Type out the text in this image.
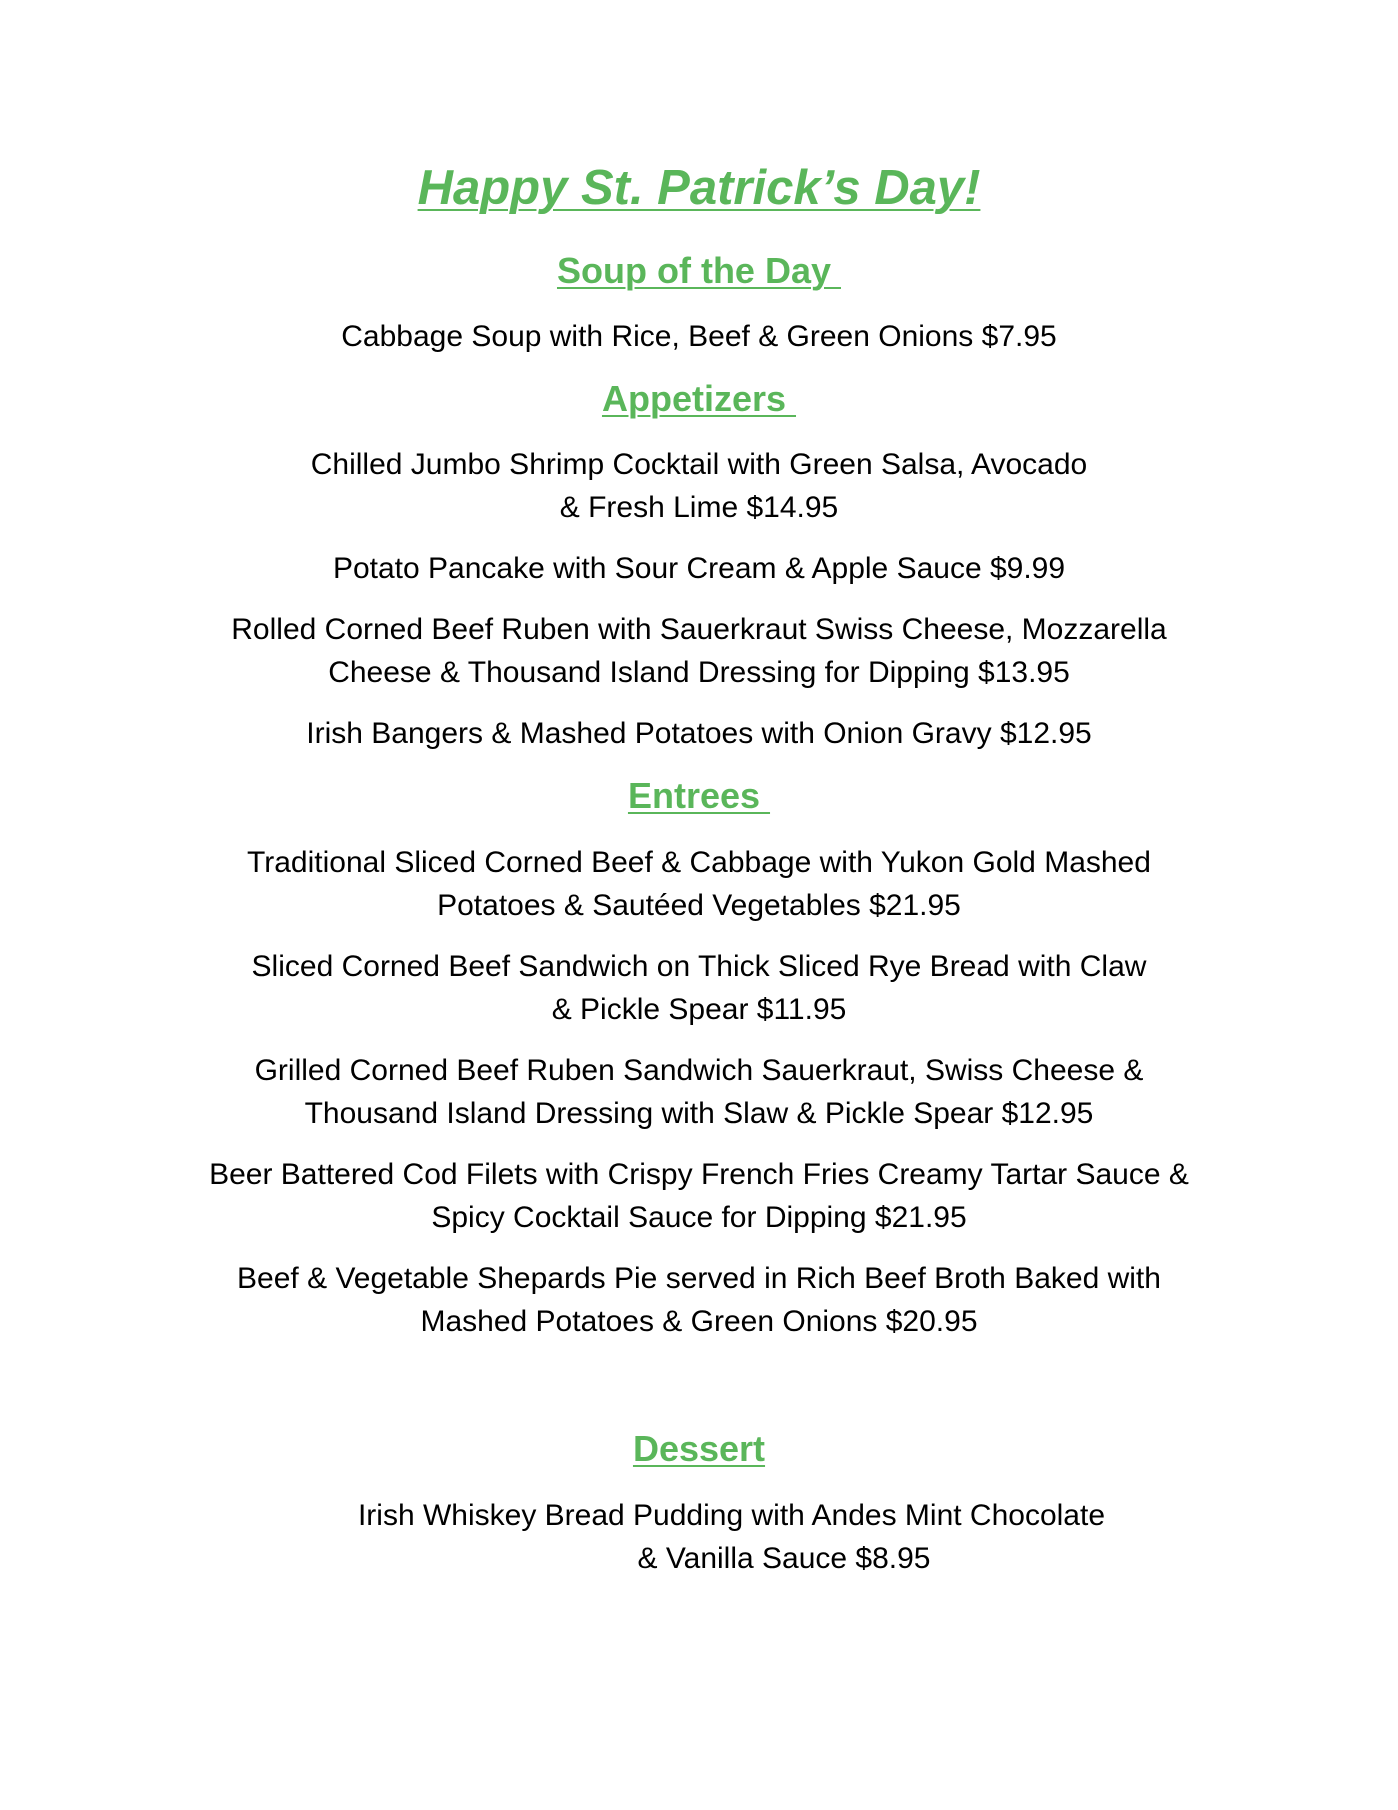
Happy St. Patrick’s Day!
Soup of the Day
Cabbage Soup with Rice, Beef & Green Onions $7.95
Appetizers
Chilled Jumbo Shrimp Cocktail with Green Salsa, Avocado
& Fresh Lime $14.95
Potato Pancake with Sour Cream & Apple Sauce $9.99
Rolled Corned Beef Ruben with Sauerkraut Swiss Cheese, Mozzarella
Cheese & Thousand Island Dressing for Dipping $13.95
Irish Bangers & Mashed Potatoes with Onion Gravy $12.95
Entrees
Traditional Sliced Corned Beef & Cabbage with Yukon Gold Mashed
Potatoes & Sautéed Vegetables $21.95
Sliced Corned Beef Sandwich on Thick Sliced Rye Bread with Claw
& Pickle Spear $11.95
Grilled Corned Beef Ruben Sandwich Sauerkraut, Swiss Cheese &
Thousand Island Dressing with Slaw & Pickle Spear $12.95
Beer Battered Cod Filets with Crispy French Fries Creamy Tartar Sauce &
Spicy Cocktail Sauce for Dipping $21.95
Beef & Vegetable Shepards Pie served in Rich Beef Broth Baked with
Mashed Potatoes & Green Onions $20.95
Dessert
Irish Whiskey Bread Pudding with Andes Mint Chocolate
& Vanilla Sauce $8.95
